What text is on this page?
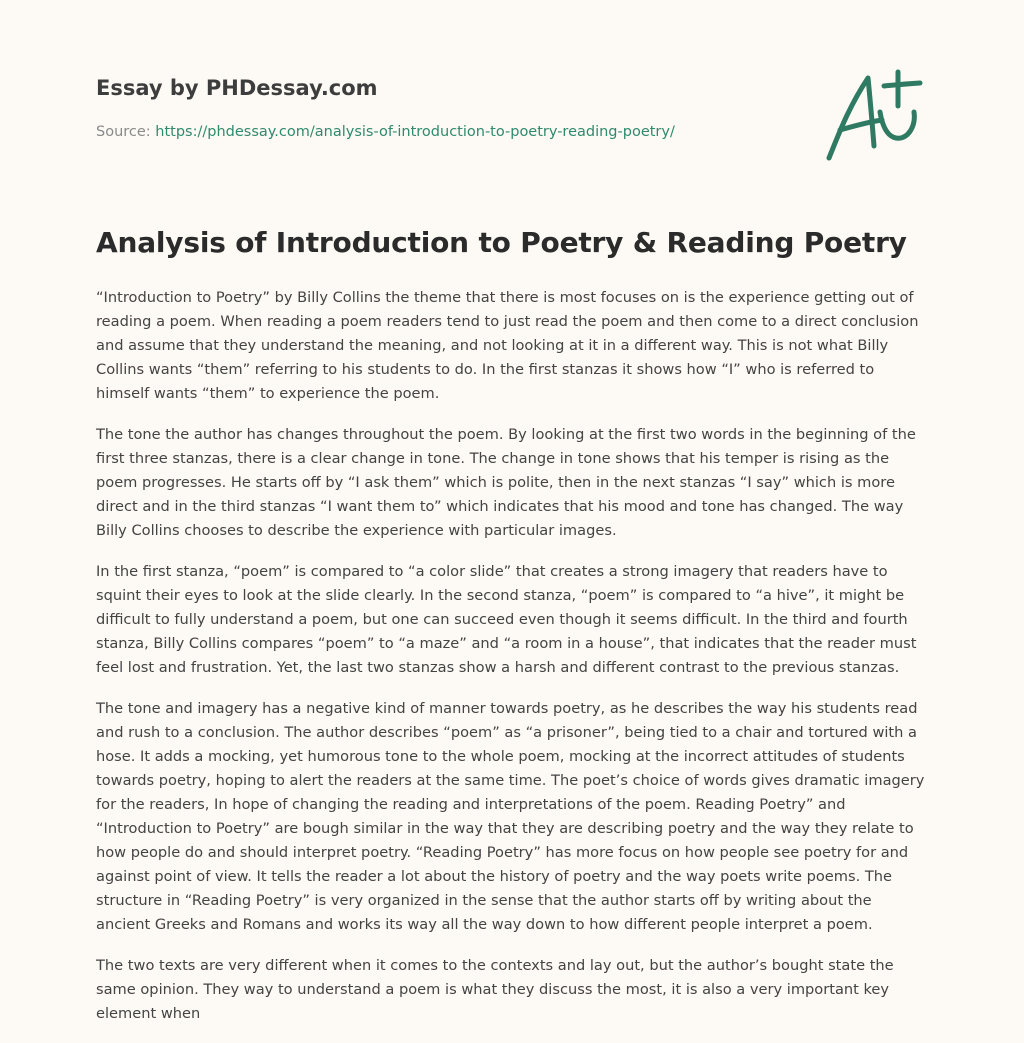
Essay by PHDessay.com
Source: https://phdessay.com/analysis-of-introduction-to-poetry-reading-poetry/
Analysis of Introduction to Poetry & Reading Poetry

“Introduction to Poetry” by Billy Collins the theme that there is most focuses on is the experience getting out of reading a poem. When reading a poem readers tend to just read the poem and then come to a direct conclusion and assume that they understand the meaning, and not looking at it in a different way. This is not what Billy Collins wants “them” referring to his students to do. In the first stanzas it shows how “I” who is referred to himself wants “them” to experience the poem.

The tone the author has changes throughout the poem. By looking at the first two words in the beginning of the first three stanzas, there is a clear change in tone. The change in tone shows that his temper is rising as the poem progresses. He starts off by “I ask them” which is polite, then in the next stanzas “I say” which is more direct and in the third stanzas “I want them to” which indicates that his mood and tone has changed. The way Billy Collins chooses to describe the experience with particular images.

In the first stanza, “poem” is compared to “a color slide” that creates a strong imagery that readers have to squint their eyes to look at the slide clearly. In the second stanza, “poem” is compared to “a hive”, it might be difficult to fully understand a poem, but one can succeed even though it seems difficult. In the third and fourth stanza, Billy Collins compares “poem” to “a maze” and “a room in a house”, that indicates that the reader must feel lost and frustration. Yet, the last two stanzas show a harsh and different contrast to the previous stanzas.

The tone and imagery has a negative kind of manner towards poetry, as he describes the way his students read and rush to a conclusion. The author describes “poem” as “a prisoner”, being tied to a chair and tortured with a hose. It adds a mocking, yet humorous tone to the whole poem, mocking at the incorrect attitudes of students towards poetry, hoping to alert the readers at the same time. The poet’s choice of words gives dramatic imagery for the readers, In hope of changing the reading and interpretations of the poem. Reading Poetry” and “Introduction to Poetry” are bough similar in the way that they are describing poetry and the way they relate to how people do and should interpret poetry. “Reading Poetry” has more focus on how people see poetry for and against point of view. It tells the reader a lot about the history of poetry and the way poets write poems. The structure in “Reading Poetry” is very organized in the sense that the author starts off by writing about the ancient Greeks and Romans and works its way all the way down to how different people interpret a poem.

The two texts are very different when it comes to the contexts and lay out, but the author’s bought state the same opinion. They way to understand a poem is what they discuss the most, it is also a very important key element when
